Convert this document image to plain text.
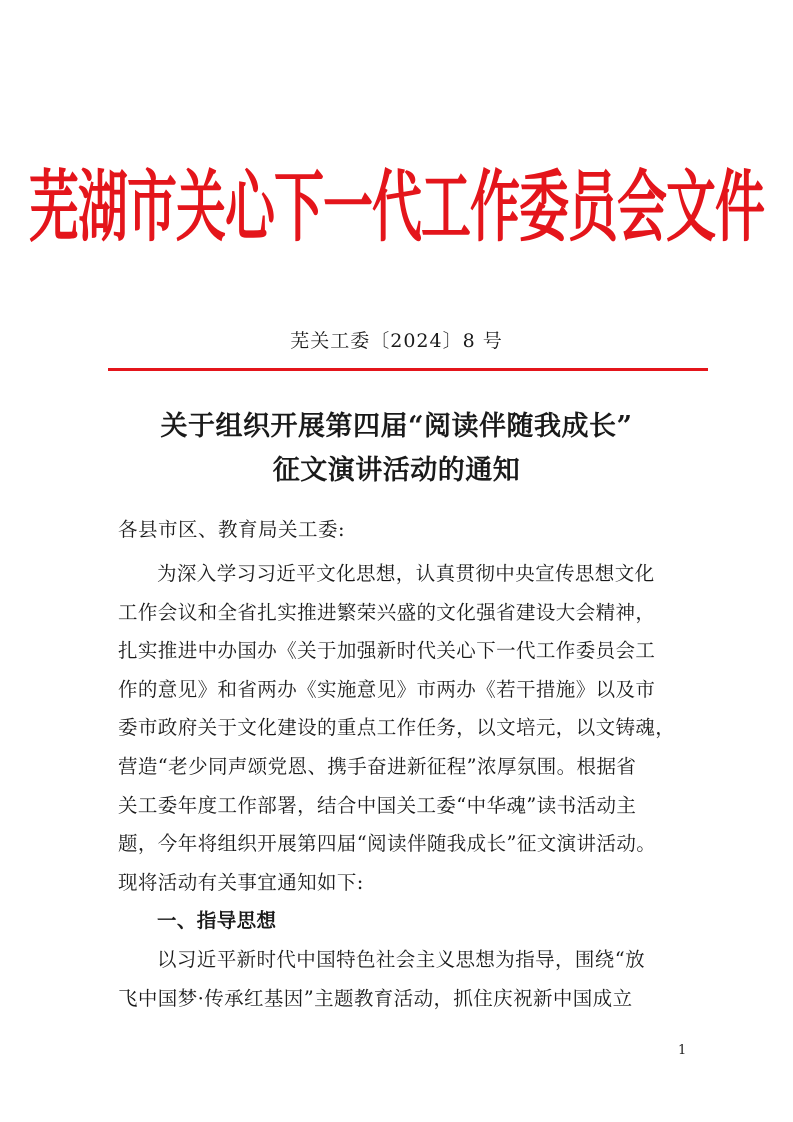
芜湖市关心下一代工作委员会文件
芜关工委〔2024〕8 号
关于组织开展第四届“阅读伴随我成长”
征文演讲活动的通知
各县市区、教育局关工委:
为深入学习习近平文化思想，认真贯彻中央宣传思想文化
工作会议和全省扎实推进繁荣兴盛的文化强省建设大会精神，
扎实推进中办国办《关于加强新时代关心下一代工作委员会工
作的意见》和省两办《实施意见》市两办《若干措施》以及市
委市政府关于文化建设的重点工作任务，以文培元，以文铸魂，
营造“老少同声颂党恩、携手奋进新征程”浓厚氛围。根据省
关工委年度工作部署，结合中国关工委“中华魂”读书活动主
题，今年将组织开展第四届“阅读伴随我成长”征文演讲活动。
现将活动有关事宜通知如下:
一、指导思想
以习近平新时代中国特色社会主义思想为指导，围绕“放
飞中国梦·传承红基因”主题教育活动，抓住庆祝新中国成立
1
